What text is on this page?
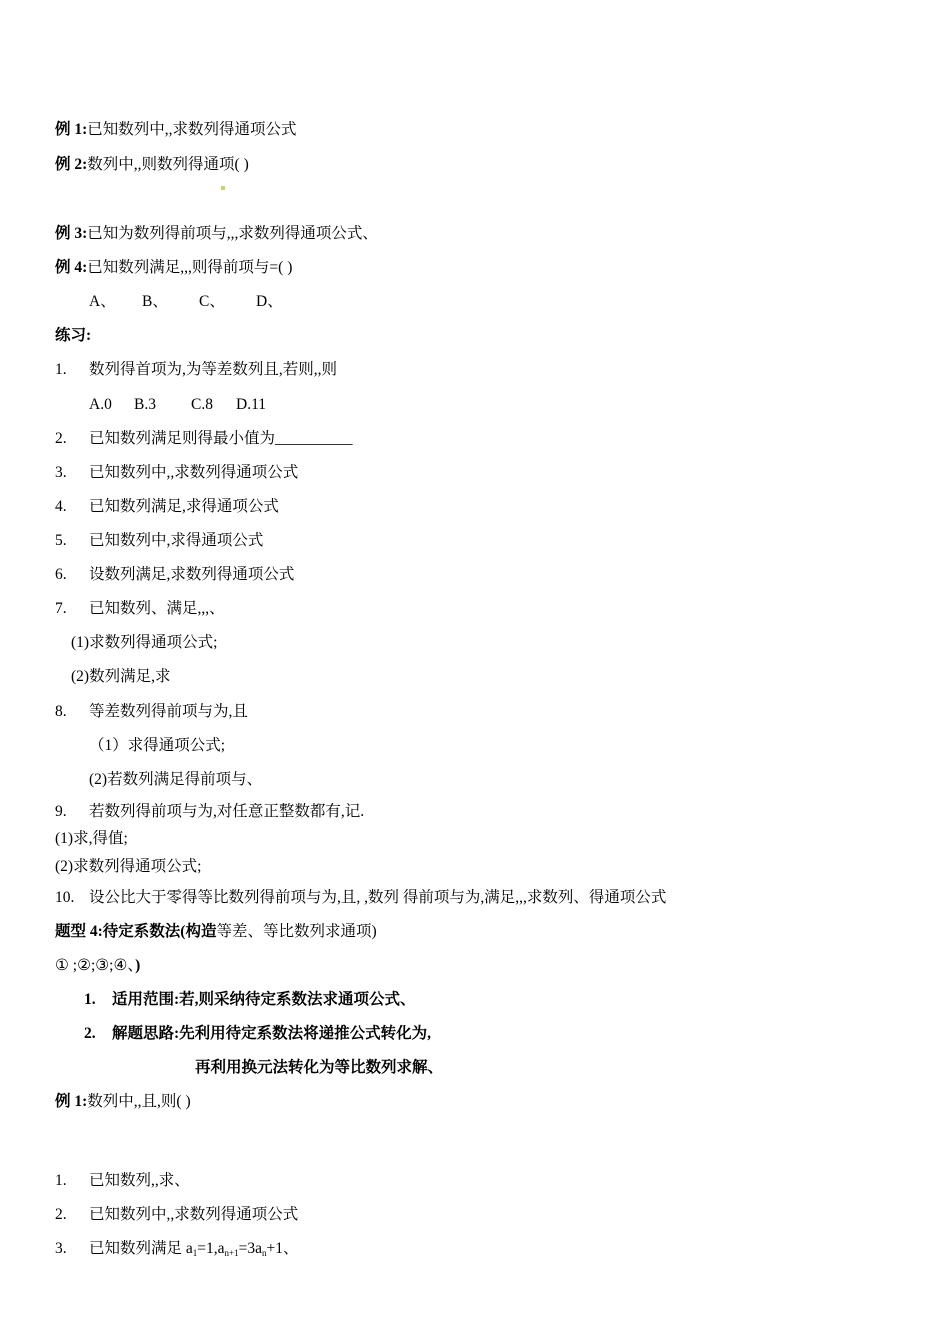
例 1:已知数列中,,求数列得通项公式
例 2:数列中,,则数列得通项( )
例 3:已知为数列得前项与,,,求数列得通项公式、
例 4:已知数列满足,,,则得前项与=( )
A、 B、 C、 D、
练习:
1. 数列得首项为,为等差数列且,若则,,则
A.0 B.3 C.8 D.11
2. 已知数列满足则得最小值为__________
3. 已知数列中,,求数列得通项公式
4. 已知数列满足,求得通项公式
5. 已知数列中,求得通项公式
6. 设数列满足,求数列得通项公式
7. 已知数列、满足,,,、
(1)求数列得通项公式;
(2)数列满足,求
8. 等差数列得前项与为,且
（1）求得通项公式;
(2)若数列满足得前项与、
9. 若数列得前项与为,对任意正整数都有,记.
(1)求,得值;
(2)求数列得通项公式;
10. 设公比大于零得等比数列得前项与为,且, ,数列 得前项与为,满足,,,求数列、得通项公式
题型 4:待定系数法(构造等差、等比数列求通项)
① ;②;③;④、)
1. 适用范围:若,则采纳待定系数法求通项公式、
2. 解题思路:先利用待定系数法将递推公式转化为,
再利用换元法转化为等比数列求解、
例 1:数列中,,且,则( )
1. 已知数列,,求、
2. 已知数列中,,求数列得通项公式
3. 已知数列满足 $a_1=1,a_{n+1}=3a_n+1$、
